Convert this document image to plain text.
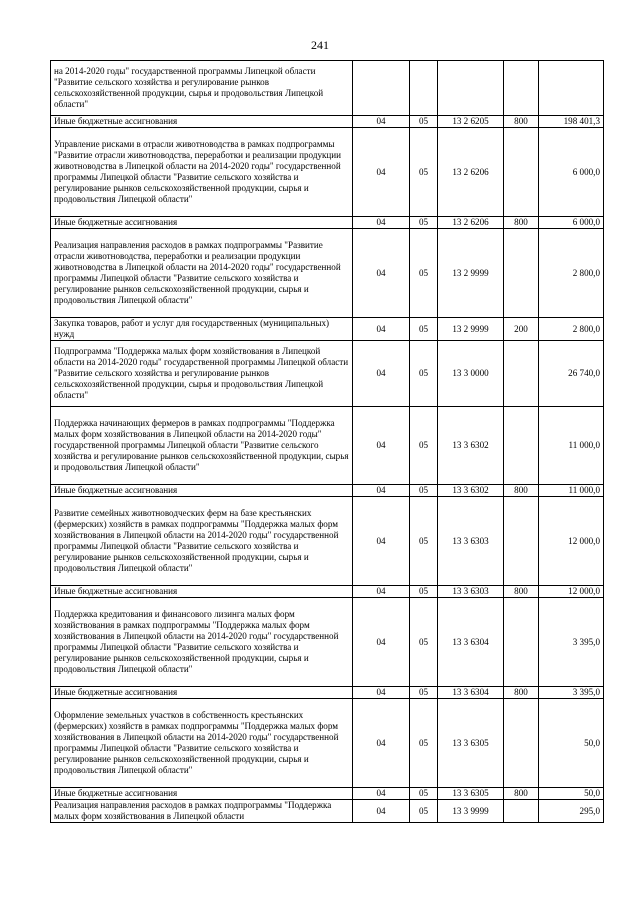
241
на 2014-2020 годы" государственной программы Липецкой области "Развитие сельского хозяйства и регулирование рынков сельскохозяйственной продукции, сырья и продовольствия Липецкой области"					
Иные бюджетные ассигнования	04	05	13 2 6205	800	198 401,3
Управление рисками в отрасли животноводства в рамках подпрограммы "Развитие отрасли животноводства, переработки и реализации продукции животноводства в Липецкой области на 2014-2020 годы" государственной программы Липецкой области "Развитие сельского хозяйства и регулирование рынков сельскохозяйственной продукции, сырья и продовольствия Липецкой области"	04	05	13 2 6206		6 000,0
Иные бюджетные ассигнования	04	05	13 2 6206	800	6 000,0
Реализация направления расходов в рамках подпрограммы "Развитие отрасли животноводства, переработки и реализации продукции животноводства в Липецкой области на 2014-2020 годы" государственной программы Липецкой области "Развитие сельского хозяйства и регулирование рынков сельскохозяйственной продукции, сырья и продовольствия Липецкой области"	04	05	13 2 9999		2 800,0
Закупка товаров, работ и услуг для государственных (муниципальных) нужд	04	05	13 2 9999	200	2 800,0
Подпрограмма "Поддержка малых форм хозяйствования в Липецкой области на 2014-2020 годы" государственной программы Липецкой области "Развитие сельского хозяйства и регулирование рынков сельскохозяйственной продукции, сырья и продовольствия Липецкой области"	04	05	13 3 0000		26 740,0
Поддержка начинающих фермеров в рамках подпрограммы "Поддержка малых форм хозяйствования в Липецкой области на 2014-2020 годы" государственной программы Липецкой области "Развитие сельского хозяйства и регулирование рынков сельскохозяйственной продукции, сырья и продовольствия Липецкой области"	04	05	13 3 6302		11 000,0
Иные бюджетные ассигнования	04	05	13 3 6302	800	11 000,0
Развитие семейных животноводческих ферм на базе крестьянских (фермерских) хозяйств в рамках подпрограммы "Поддержка малых форм хозяйствования в Липецкой области на 2014-2020 годы" государственной программы Липецкой области "Развитие сельского хозяйства и регулирование рынков сельскохозяйственной продукции, сырья и продовольствия Липецкой области"	04	05	13 3 6303		12 000,0
Иные бюджетные ассигнования	04	05	13 3 6303	800	12 000,0
Поддержка кредитования и финансового лизинга малых форм хозяйствования в рамках подпрограммы "Поддержка малых форм хозяйствования в Липецкой области на 2014-2020 годы" государственной программы Липецкой области "Развитие сельского хозяйства и регулирование рынков сельскохозяйственной продукции, сырья и продовольствия Липецкой области"	04	05	13 3 6304		3 395,0
Иные бюджетные ассигнования	04	05	13 3 6304	800	3 395,0
Оформление земельных участков в собственность крестьянских (фермерских) хозяйств в рамках подпрограммы "Поддержка малых форм хозяйствования в Липецкой области на 2014-2020 годы" государственной программы Липецкой области "Развитие сельского хозяйства и регулирование рынков сельскохозяйственной продукции, сырья и продовольствия Липецкой области"	04	05	13 3 6305		50,0
Иные бюджетные ассигнования	04	05	13 3 6305	800	50,0
Реализация направления расходов в рамках подпрограммы "Поддержка малых форм хозяйствования в Липецкой области	04	05	13 3 9999		295,0
